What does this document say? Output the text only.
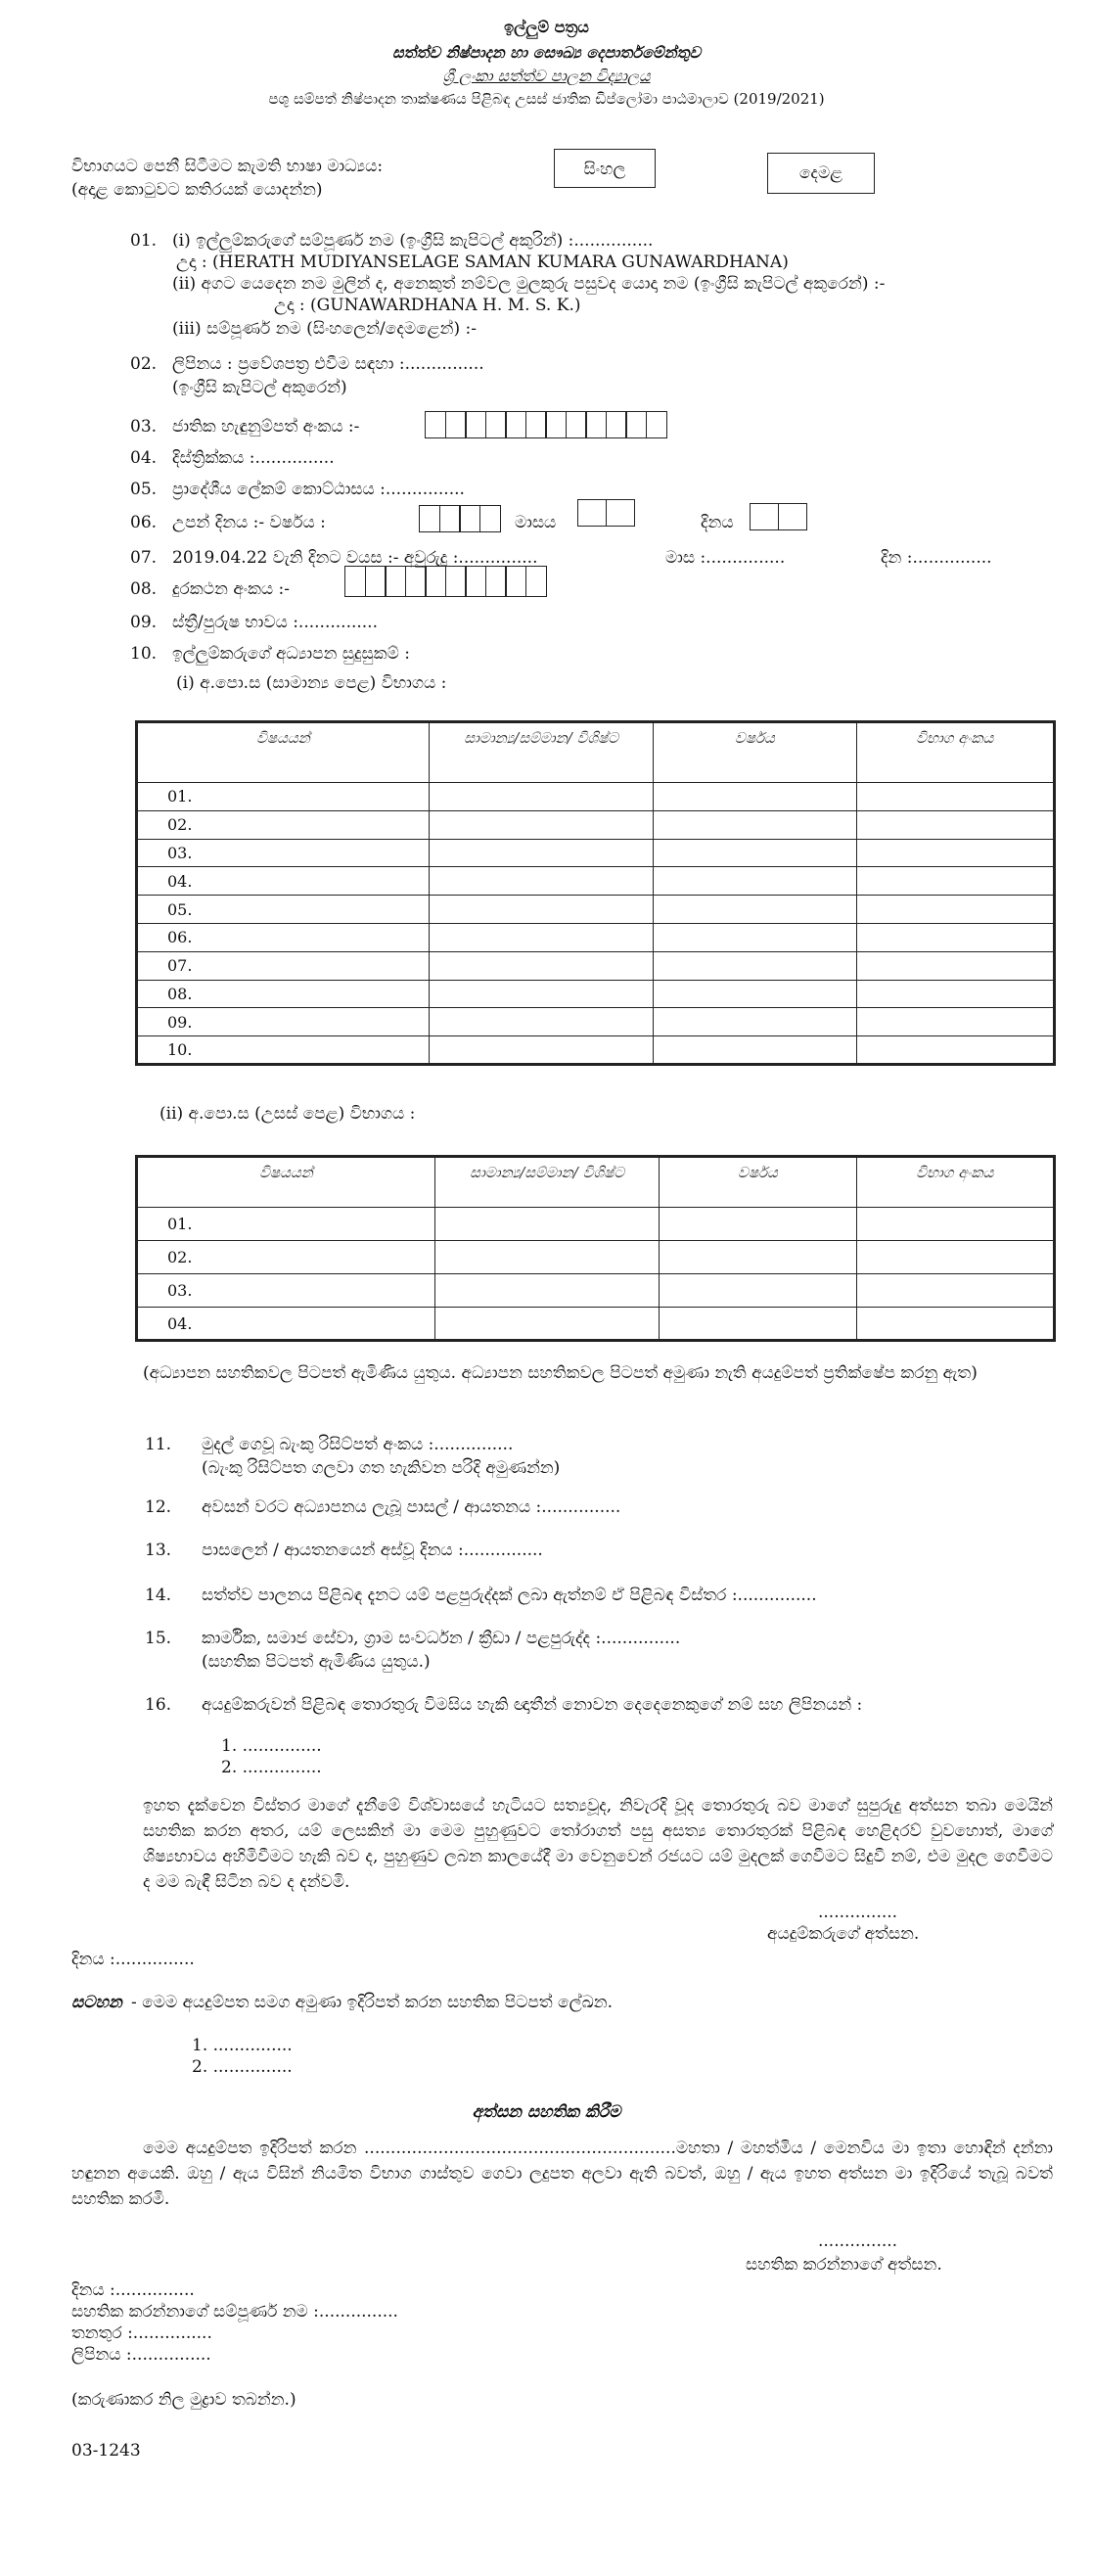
ඉල්ලුම් පත්‍රය
සත්ත්ව නිෂ්පාදන හා සෞඛ්‍ය දෙපාර්තමේන්තුව
ශ්‍රී ලංකා සත්ත්ව පාලන විද්‍යාලය
පශු සම්පත් නිෂ්පාදන තාක්ෂණය පිළිබඳ උසස් ජාතික ඩිප්ලෝමා පාඨමාලාව (2019/2021)
විභාගයට පෙනී සිටීමට කැමති භාෂා මාධ්‍යය:
(අදාළ කොටුවට කතිරයක් යොදන්න)
සිංහල	දෙමළ
01. (i) ඉල්ලුම්කරුගේ සම්පූර්ණ නම (ඉංග්‍රීසි කැපිටල් අකුරින්) :...............
උදා : (HERATH MUDIYANSELAGE SAMAN KUMARA GUNAWARDHANA)
(ii) අගට යෙදෙන නම මුලින් ද, අනෙකුත් නම්වල මුලකුරු පසුවද යොදා නම (ඉංග්‍රීසි කැපිටල් අකුරෙන්) :-
උදා : (GUNAWARDHANA H. M. S. K.)
(iii) සම්පූර්ණ නම (සිංහලෙන්/දෙමළෙන්) :-
02. ලිපිනය : ප්‍රවේශපත්‍ර එවීම සඳහා :...............
(ඉංග්‍රීසි කැපිටල් අකුරෙන්)
03. ජාතික හැඳුනුම්පත් අංකය :-
04. දිස්ත්‍රික්කය :...............
05. ප්‍රාදේශීය ලේකම් කොට්ඨාසය :...............
06. උපන් දිනය :- වර්ෂය :	මාසය	දිනය
07. 2019.04.22 වැනි දිනට වයස :- අවුරුදු :...............	මාස :...............	දින :...............
08. දුරකථන අංකය :-
09. ස්ත්‍රී/පුරුෂ භාවය :...............
10. ඉල්ලුම්කරුගේ අධ්‍යාපන සුදුසුකම් :
(i) අ.පො.ස (සාමාන්‍ය පෙළ) විභාගය :
විෂයයන්	සාමාන්‍ය/සම්මාන/ විශිෂ්ට	වර්ෂය	විභාග අංකය
01.			
02.			
03.			
04.			
05.			
06.			
07.			
08.			
09.			
10.			
(ii) අ.පො.ස (උසස් පෙළ) විභාගය :
විෂයයන්	සාමාන්‍ය/සම්මාන/ විශිෂ්ට	වර්ෂය	විභාග අංකය
01.			
02.			
03.			
04.			
(අධ්‍යාපන සහතිකවල පිටපත් ඇමිණිය යුතුය. අධ්‍යාපන සහතිකවල පිටපත් අමුණා නැති අයදුම්පත් ප්‍රතික්ෂේප කරනු ඇත)
11. මුදල් ගෙවූ බැංකු රිසිට්පත් අංකය :...............
(බැංකු රිසිට්පත ගලවා ගත හැකිවන පරිදි අමුණන්න)
12. අවසන් වරට අධ්‍යාපනය ලැබූ පාසල් / ආයතනය :...............
13. පාසලෙන් / ආයතනයෙන් අස්වූ දිනය :...............
14. සත්ත්ව පාලනය පිළිබඳ දැනට යම් පළපුරුද්දක් ලබා ඇත්නම් ඒ පිළිබඳ විස්තර :...............
15. කාර්මික, සමාජ සේවා, ග්‍රාම සංවර්ධන / ක්‍රීඩා / පළපුරුද්ද :...............
(සහතික පිටපත් ඇමිණිය යුතුය.)
16. අයදුම්කරුවන් පිළිබඳ තොරතුරු විමසිය හැකි ඥාතීන් නොවන දෙදෙනෙකුගේ නම් සහ ලිපිනයන් :
1. ...............
2. ...............
ඉහත දැක්වෙන විස්තර මාගේ දැනීමේ විශ්වාසයේ හැටියට සත්‍යවූද, නිවැරදි වූද තොරතුරු බව මාගේ සුපුරුදු අත්සන තබා මෙයින් සහතික කරන අතර, යම් ලෙසකින් මා මෙම පුහුණුවට තෝරාගත් පසු අසත්‍ය තොරතුරක් පිළිබඳ හෙළිදරව් වුවහොත්, මාගේ ශිෂ්‍යභාවය අහිමිවීමට හැකි බව ද, පුහුණුව ලබන කාලයේදී මා වෙනුවෙන් රජයට යම් මුදලක් ගෙවීමට සිදුවී නම්, එම මුදල ගෙවීමට ද මම බැඳී සිටින බව ද දන්වමි.
...............
අයදුම්කරුගේ අත්සන.
දිනය :...............
සටහන - මෙම අයදුම්පත සමග අමුණා ඉදිරිපත් කරන සහතික පිටපත් ලේඛන.
1. ...............
2. ...............
අත්සන සහතික කිරීම
මෙම අයදුම්පත ඉදිරිපත් කරන ...........................................................මහතා / මහත්මිය / මෙනවිය මා ඉතා හොඳින් දන්නා හඳුනන අයෙකි. ඔහු / ඇය විසින් නියමිත විභාග ගාස්තුව ගෙවා ලදුපත අලවා ඇති බවත්, ඔහු / ඇය ඉහත අත්සන මා ඉදිරියේ තැබූ බවත් සහතික කරමි.
...............
සහතික කරන්නාගේ අත්සන.
දිනය :...............
සහතික කරන්නාගේ සම්පූර්ණ නම :...............
තනතුර :...............
ලිපිනය :...............
(කරුණාකර නිල මුද්‍රාව තබන්න.)
03-1243
